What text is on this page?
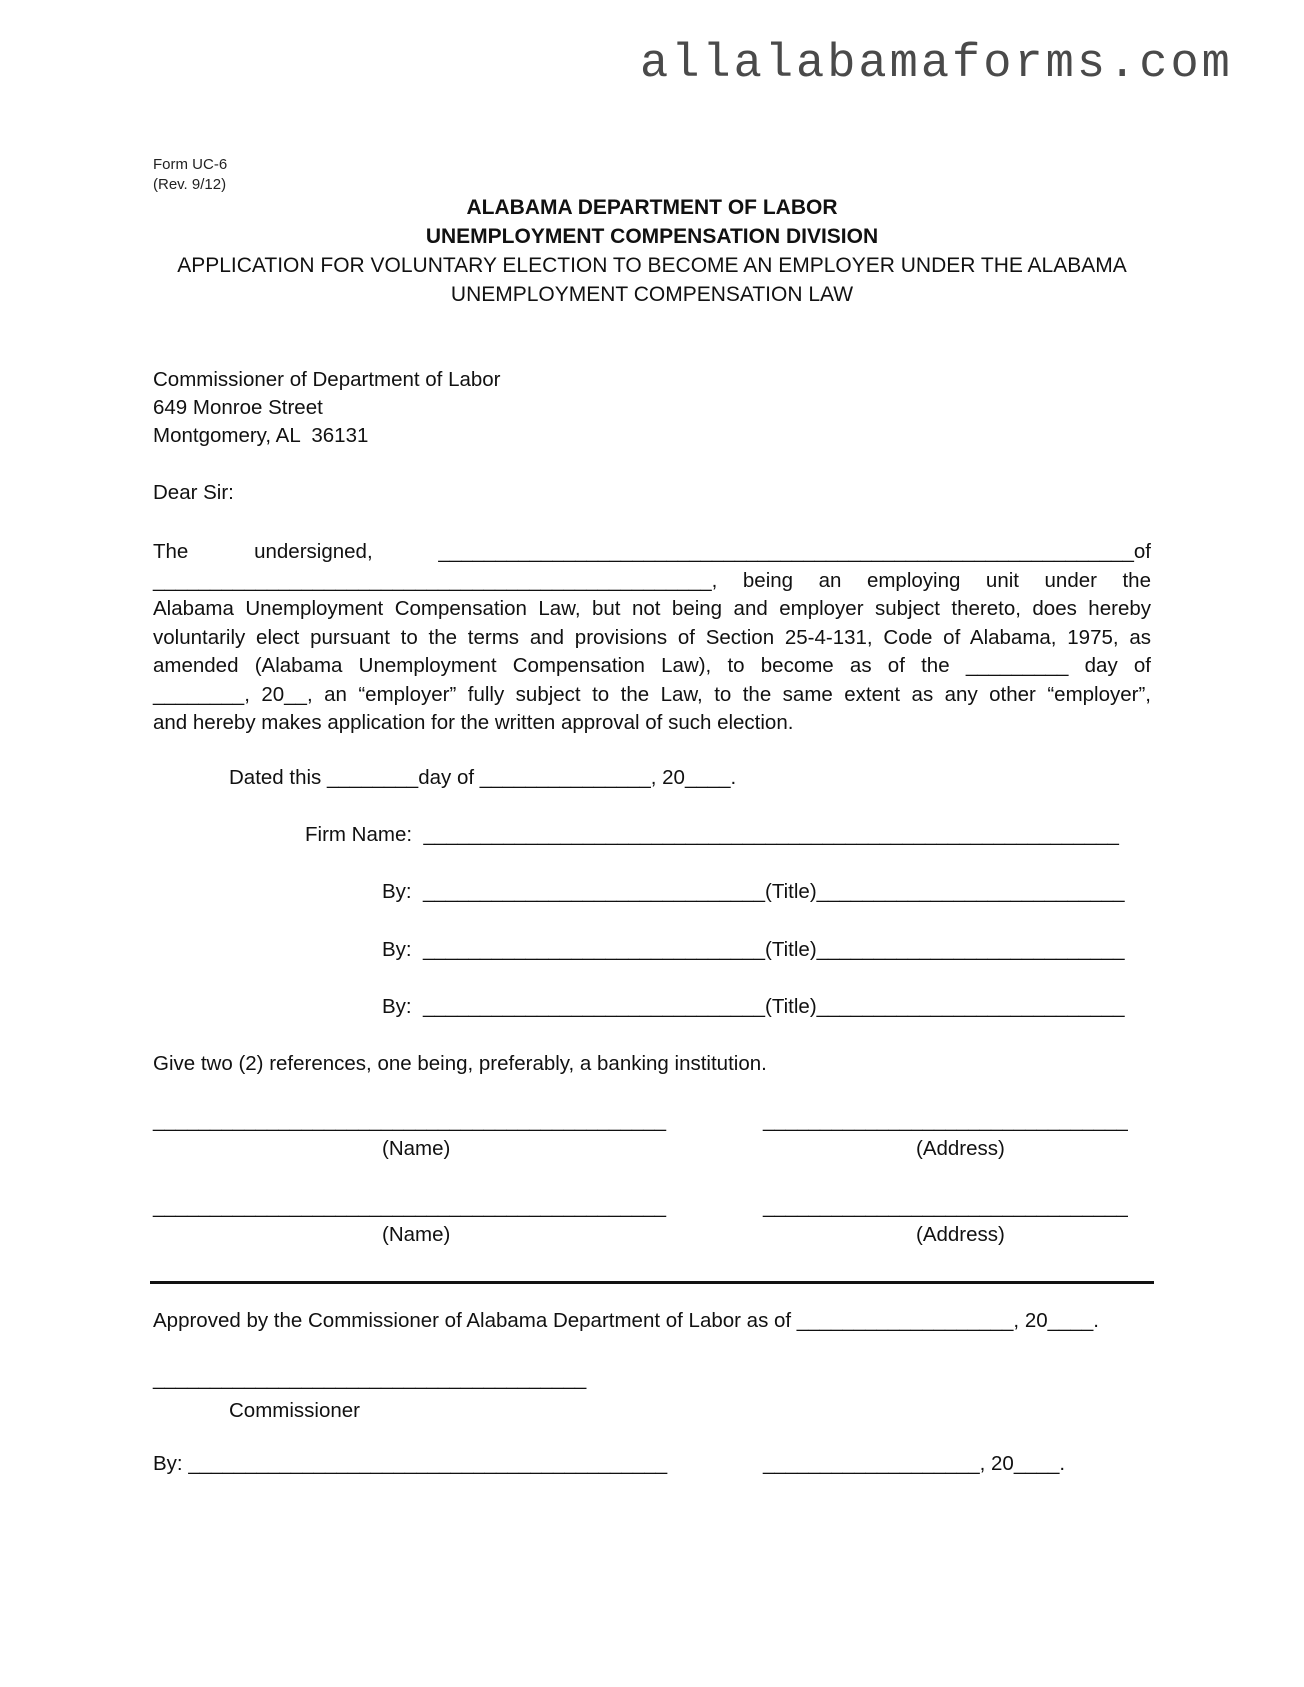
allalabamaforms.com
Form UC-6
(Rev. 9/12)
ALABAMA DEPARTMENT OF LABOR
UNEMPLOYMENT COMPENSATION DIVISION
APPLICATION FOR VOLUNTARY ELECTION TO BECOME AN EMPLOYER UNDER THE ALABAMA
UNEMPLOYMENT COMPENSATION LAW
Commissioner of Department of Labor
649 Monroe Street
Montgomery, AL  36131
Dear Sir:
The undersigned, _____________________________________________________________of
_________________________________________________, being an employing unit under the
Alabama Unemployment Compensation Law, but not being and employer subject thereto, does hereby
voluntarily elect pursuant to the terms and provisions of Section 25-4-131, Code of Alabama, 1975, as
amended (Alabama Unemployment Compensation Law), to become as of the _________ day of
________, 20__, an “employer” fully subject to the Law, to the same extent as any other “employer”,
and hereby makes application for the written approval of such election.
Dated this ________day of _______________, 20____.
Firm Name:  _____________________________________________________________
By:  ______________________________(Title)___________________________
By:  ______________________________(Title)___________________________
By:  ______________________________(Title)___________________________
Give two (2) references, one being, preferably, a banking institution.
_____________________________________________	________________________________
(Name)	(Address)
_____________________________________________	________________________________
(Name)	(Address)
Approved by the Commissioner of Alabama Department of Labor as of ___________________, 20____.
______________________________________
Commissioner
By: __________________________________________	___________________, 20____.
